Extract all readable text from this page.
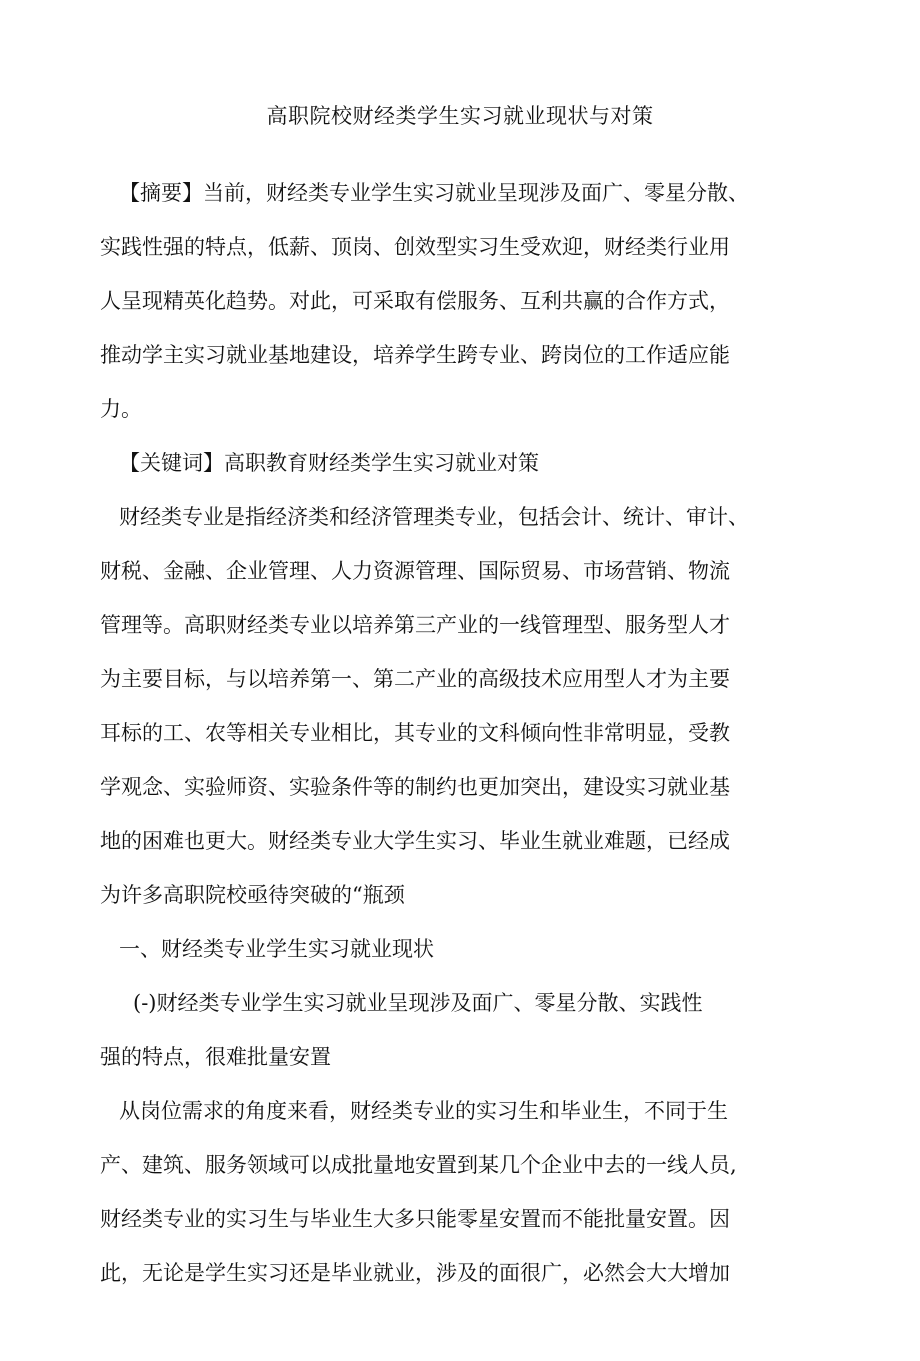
高职院校财经类学生实习就业现状与对策
【摘要】当前，财经类专业学生实习就业呈现涉及面广、零星分散、
实践性强的特点，低薪、顶岗、创效型实习生受欢迎，财经类行业用
人呈现精英化趋势。对此，可采取有偿服务、互利共赢的合作方式，
推动学主实习就业基地建设，培养学生跨专业、跨岗位的工作适应能
力。
【关键词】高职教育财经类学生实习就业对策
财经类专业是指经济类和经济管理类专业，包括会计、统计、审计、
财税、金融、企业管理、人力资源管理、国际贸易、市场营销、物流
管理等。高职财经类专业以培养第三产业的一线管理型、服务型人才
为主要目标，与以培养第一、第二产业的高级技术应用型人才为主要
耳标的工、农等相关专业相比，其专业的文科倾向性非常明显，受教
学观念、实验师资、实验条件等的制约也更加突出，建设实习就业基
地的困难也更大。财经类专业大学生实习、毕业生就业难题，已经成
为许多高职院校亟待突破的“瓶颈
一、财经类专业学生实习就业现状
(-)财经类专业学生实习就业呈现涉及面广、零星分散、实践性
强的特点，很难批量安置
从岗位需求的角度来看，财经类专业的实习生和毕业生，不同于生
产、建筑、服务领域可以成批量地安置到某几个企业中去的一线人员,
财经类专业的实习生与毕业生大多只能零星安置而不能批量安置。因
此，无论是学生实习还是毕业就业，涉及的面很广，必然会大大增加
